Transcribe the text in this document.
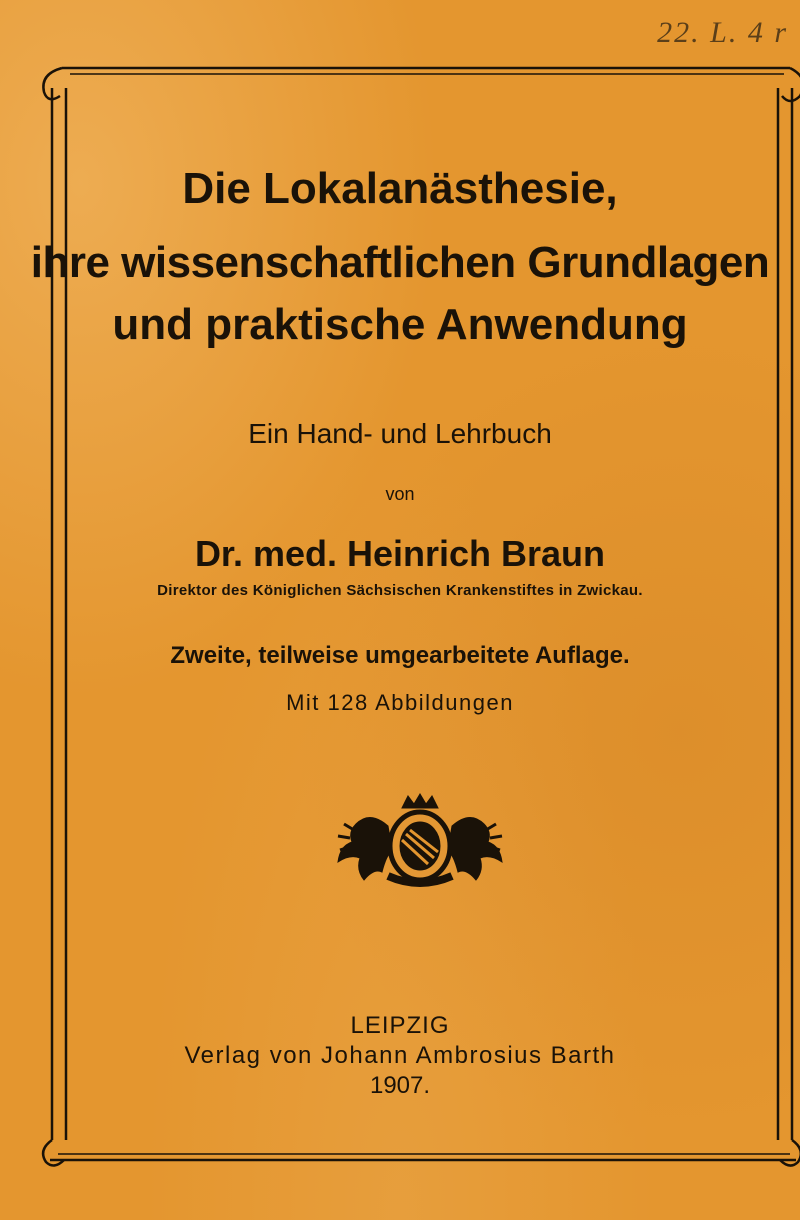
22. L. 4 r
Die Lokalanästhesie,
ihre wissenschaftlichen Grundlagen
und praktische Anwendung
Ein Hand- und Lehrbuch
von
Dr. med. Heinrich Braun
Direktor des Königlichen Sächsischen Krankenstiftes in Zwickau.
Zweite, teilweise umgearbeitete Auflage.
Mit 128 Abbildungen
LEIPZIG
Verlag von Johann Ambrosius Barth
1907.
